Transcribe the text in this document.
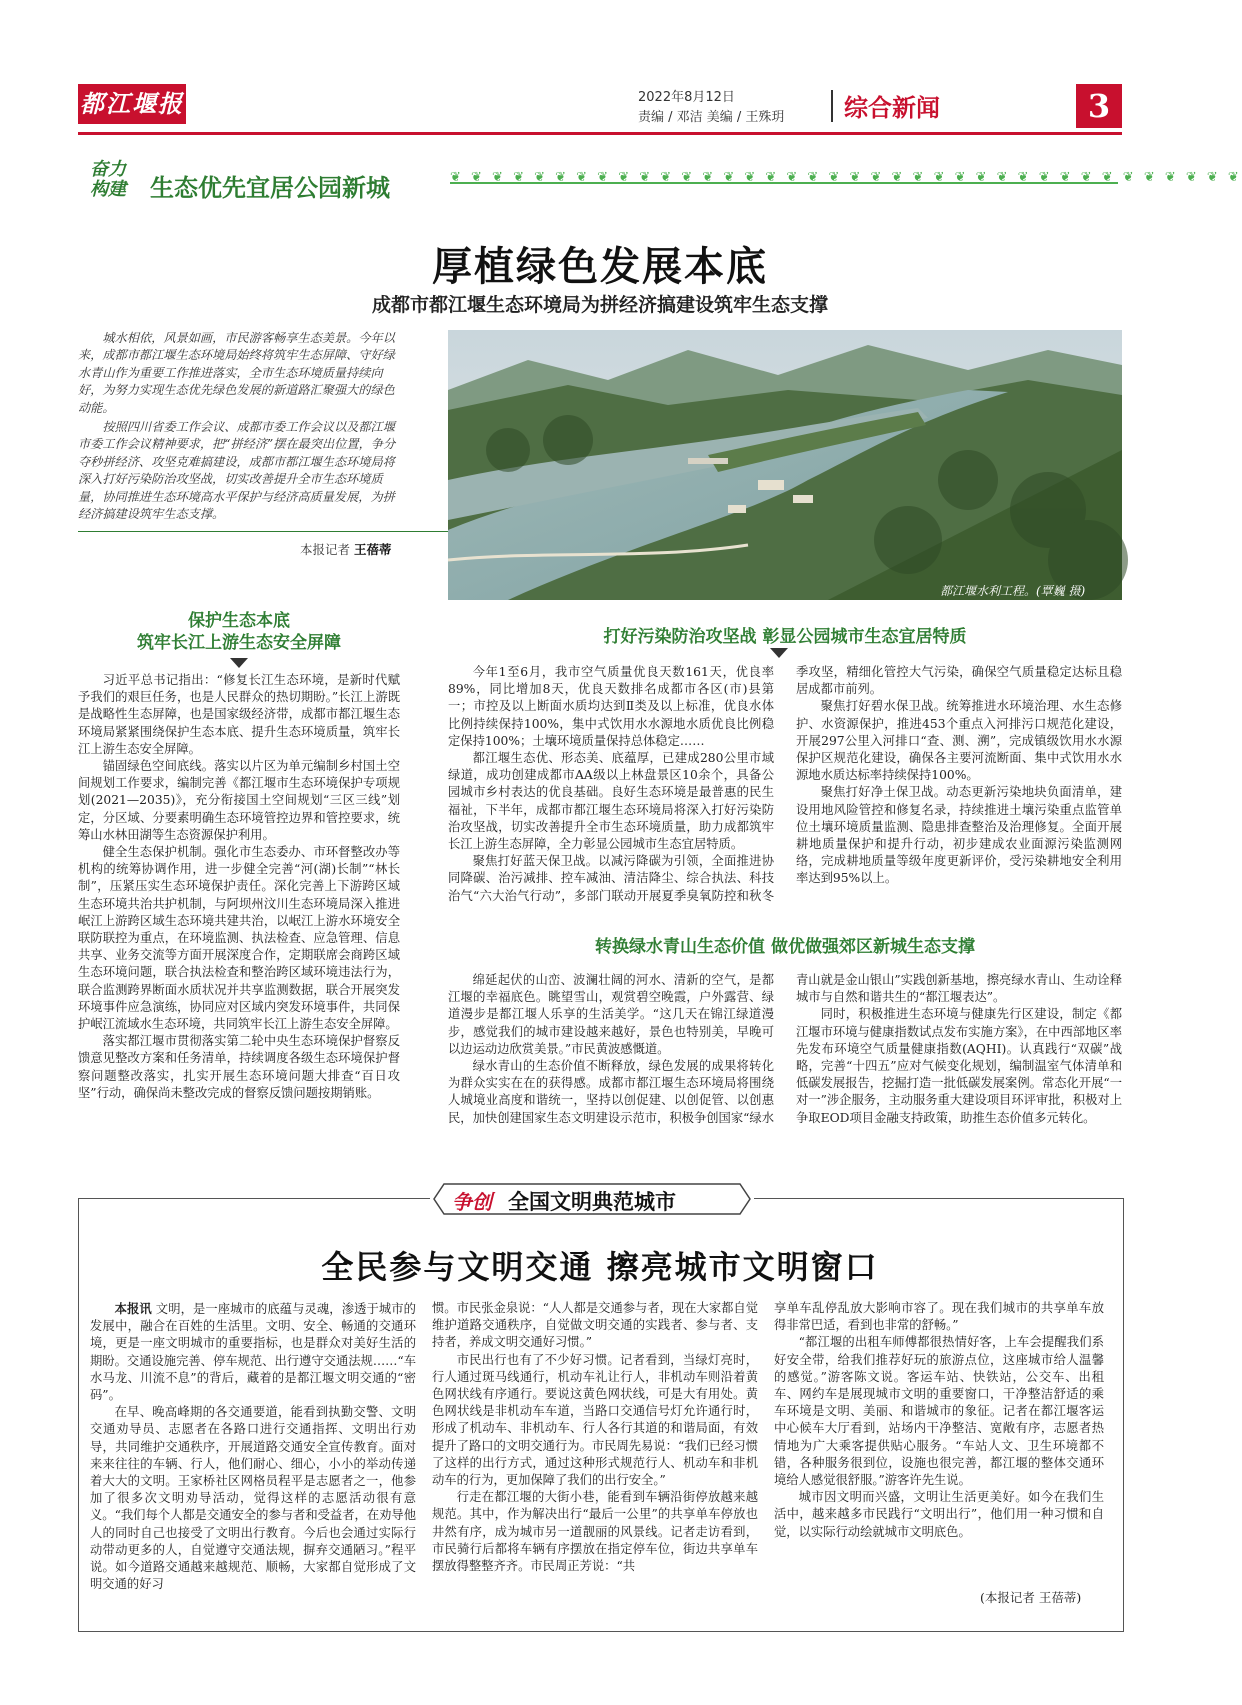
都江堰报	2022年8月12日
责编 / 邓洁 美编 / 王殊玥 综合新闻	3
奋力构建	生态优先宜居公园新城	❦ ❦ ❦ ❦ ❦ ❦ ❦ ❦ ❦ ❦ ❦ ❦ ❦ ❦ ❦ ❦ ❦ ❦ ❦ ❦ ❦ ❦ ❦ ❦ ❦ ❦ ❦ ❦ ❦ ❦ ❦ ❦ ❦ ❦ ❦ ❦ ❦ ❦
厚植绿色发展本底
成都市都江堰生态环境局为拼经济搞建设筑牢生态支撑

城水相依，风景如画，市民游客畅享生态美景。今年以来，成都市都江堰生态环境局始终将筑牢生态屏障、守好绿水青山作为重要工作推进落实，全市生态环境质量持续向好，为努力实现生态优先绿色发展的新道路汇聚强大的绿色动能。

按照四川省委工作会议、成都市委工作会议以及都江堰市委工作会议精神要求，把“拼经济”摆在最突出位置，争分夺秒拼经济、攻坚克难搞建设，成都市都江堰生态环境局将深入打好污染防治攻坚战，切实改善提升全市生态环境质量，协同推进生态环境高水平保护与经济高质量发展，为拼经济搞建设筑牢生态支撑。

本报记者 王蓓蒂
都江堰水利工程。(覃巍 摄)
保护生态本底
筑牢长江上游生态安全屏障

习近平总书记指出：“修复长江生态环境，是新时代赋予我们的艰巨任务，也是人民群众的热切期盼。”长江上游既是战略性生态屏障，也是国家级经济带，成都市都江堰生态环境局紧紧围绕保护生态本底、提升生态环境质量，筑牢长江上游生态安全屏障。

锚固绿色空间底线。落实以片区为单元编制乡村国土空间规划工作要求，编制完善《都江堰市生态环境保护专项规划(2021—2035)》，充分衔接国土空间规划“三区三线”划定，分区域、分要素明确生态环境管控边界和管控要求，统筹山水林田湖等生态资源保护利用。

健全生态保护机制。强化市生态委办、市环督整改办等机构的统筹协调作用，进一步健全完善“河(湖)长制”“林长制”，压紧压实生态环境保护责任。深化完善上下游跨区域生态环境共治共护机制，与阿坝州汶川生态环境局深入推进岷江上游跨区域生态环境共建共治，以岷江上游水环境安全联防联控为重点，在环境监测、执法检查、应急管理、信息共享、业务交流等方面开展深度合作，定期联席会商跨区域生态环境问题，联合执法检查和整治跨区域环境违法行为，联合监测跨界断面水质状况并共享监测数据，联合开展突发环境事件应急演练，协同应对区域内突发环境事件，共同保护岷江流域水生态环境，共同筑牢长江上游生态安全屏障。

落实都江堰市贯彻落实第二轮中央生态环境保护督察反馈意见整改方案和任务清单，持续调度各级生态环境保护督察问题整改落实，扎实开展生态环境问题大排查“百日攻坚”行动，确保尚未整改完成的督察反馈问题按期销账。

打好污染防治攻坚战 彰显公园城市生态宜居特质

今年1至6月，我市空气质量优良天数161天，优良率89%，同比增加8天，优良天数排名成都市各区(市)县第一；市控及以上断面水质均达到Ⅱ类及以上标准，优良水体比例持续保持100%，集中式饮用水水源地水质优良比例稳定保持100%；土壤环境质量保持总体稳定……

都江堰生态优、形态美、底蕴厚，已建成280公里市域绿道，成功创建成都市AA级以上林盘景区10余个，具备公园城市乡村表达的优良基础。良好生态环境是最普惠的民生福祉，下半年，成都市都江堰生态环境局将深入打好污染防治攻坚战，切实改善提升全市生态环境质量，助力成都筑牢长江上游生态屏障，全力彰显公园城市生态宜居特质。

聚焦打好蓝天保卫战。以减污降碳为引领，全面推进协同降碳、治污减排、控车减油、清洁降尘、综合执法、科技治气“六大治气行动”，多部门联动开展夏季臭氧防控和秋冬季攻坚，精细化管控大气污染，确保空气质量稳定达标且稳居成都市前列。

聚焦打好碧水保卫战。统筹推进水环境治理、水生态修护、水资源保护，推进453个重点入河排污口规范化建设，开展297公里入河排口“查、测、溯”，完成镇级饮用水水源保护区规范化建设，确保各主要河流断面、集中式饮用水水源地水质达标率持续保持100%。

聚焦打好净土保卫战。动态更新污染地块负面清单，建设用地风险管控和修复名录，持续推进土壤污染重点监管单位土壤环境质量监测、隐患排查整治及治理修复。全面开展耕地质量保护和提升行动，初步建成农业面源污染监测网络，完成耕地质量等级年度更新评价，受污染耕地安全利用率达到95%以上。

转换绿水青山生态价值 做优做强郊区新城生态支撑

绵延起伏的山峦、波澜壮阔的河水、清新的空气，是都江堰的幸福底色。眺望雪山，观赏碧空晚霞，户外露营、绿道漫步是都江堰人乐享的生活美学。“这几天在锦江绿道漫步，感觉我们的城市建设越来越好，景色也特别美，早晚可以边运动边欣赏美景。”市民黄波感慨道。

绿水青山的生态价值不断释放，绿色发展的成果将转化为群众实实在在的获得感。成都市都江堰生态环境局将围绕人城境业高度和谐统一，坚持以创促建、以创促管、以创惠民，加快创建国家生态文明建设示范市，积极争创国家“绿水青山就是金山银山”实践创新基地，擦亮绿水青山、生动诠释城市与自然和谐共生的“都江堰表达”。

同时，积极推进生态环境与健康先行区建设，制定《都江堰市环境与健康指数试点发布实施方案》，在中西部地区率先发布环境空气质量健康指数(AQHI)。认真践行“双碳”战略，完善“十四五”应对气候变化规划，编制温室气体清单和低碳发展报告，挖掘打造一批低碳发展案例。常态化开展“一对一”涉企服务，主动服务重大建设项目环评审批，积极对上争取EOD项目金融支持政策，助推生态价值多元转化。

争创 全国文明典范城市
全民参与文明交通 擦亮城市文明窗口

本报讯 文明，是一座城市的底蕴与灵魂，渗透于城市的发展中，融合在百姓的生活里。文明、安全、畅通的交通环境，更是一座文明城市的重要指标，也是群众对美好生活的期盼。交通设施完善、停车规范、出行遵守交通法规……“车水马龙、川流不息”的背后，藏着的是都江堰文明交通的“密码”。

在早、晚高峰期的各交通要道，能看到执勤交警、文明交通劝导员、志愿者在各路口进行交通指挥、文明出行劝导，共同维护交通秩序，开展道路交通安全宣传教育。面对来来往往的车辆、行人，他们耐心、细心，小小的举动传递着大大的文明。王家桥社区网格员程平是志愿者之一，他参加了很多次文明劝导活动，觉得这样的志愿活动很有意义。“我们每个人都是交通安全的参与者和受益者，在劝导他人的同时自己也接受了文明出行教育。今后也会通过实际行动带动更多的人，自觉遵守交通法规，摒弃交通陋习。”程平说。如今道路交通越来越规范、顺畅，大家都自觉形成了文明交通的好习

惯。市民张金泉说：“人人都是交通参与者，现在大家都自觉维护道路交通秩序，自觉做文明交通的实践者、参与者、支持者，养成文明交通好习惯。”

市民出行也有了不少好习惯。记者看到，当绿灯亮时，行人通过斑马线通行，机动车礼让行人，非机动车则沿着黄色网状线有序通行。要说这黄色网状线，可是大有用处。黄色网状线是非机动车车道，当路口交通信号灯允许通行时，形成了机动车、非机动车、行人各行其道的和谐局面，有效提升了路口的文明交通行为。市民周先易说：“我们已经习惯了这样的出行方式，通过这种形式规范行人、机动车和非机动车的行为，更加保障了我们的出行安全。”

行走在都江堰的大街小巷，能看到车辆沿街停放越来越规范。其中，作为解决出行“最后一公里”的共享单车停放也井然有序，成为城市另一道靓丽的风景线。记者走访看到，市民骑行后都将车辆有序摆放在指定停车位，街边共享单车摆放得整整齐齐。市民周正芳说：“共

享单车乱停乱放大影响市容了。现在我们城市的共享单车放得非常巴适，看到也非常的舒畅。”

“都江堰的出租车师傅都很热情好客，上车会提醒我们系好安全带，给我们推荐好玩的旅游点位，这座城市给人温馨的感觉。”游客陈文说。客运车站、快铁站，公交车、出租车、网约车是展现城市文明的重要窗口，干净整洁舒适的乘车环境是文明、美丽、和谐城市的象征。记者在都江堰客运中心候车大厅看到，站场内干净整洁、宽敞有序，志愿者热情地为广大乘客提供贴心服务。“车站人文、卫生环境都不错，各种服务很到位，设施也很完善，都江堰的整体交通环境给人感觉很舒服。”游客许先生说。

城市因文明而兴盛，文明让生活更美好。如今在我们生活中，越来越多市民践行“文明出行”，他们用一种习惯和自觉，以实际行动绘就城市文明底色。

(本报记者 王蓓蒂)
